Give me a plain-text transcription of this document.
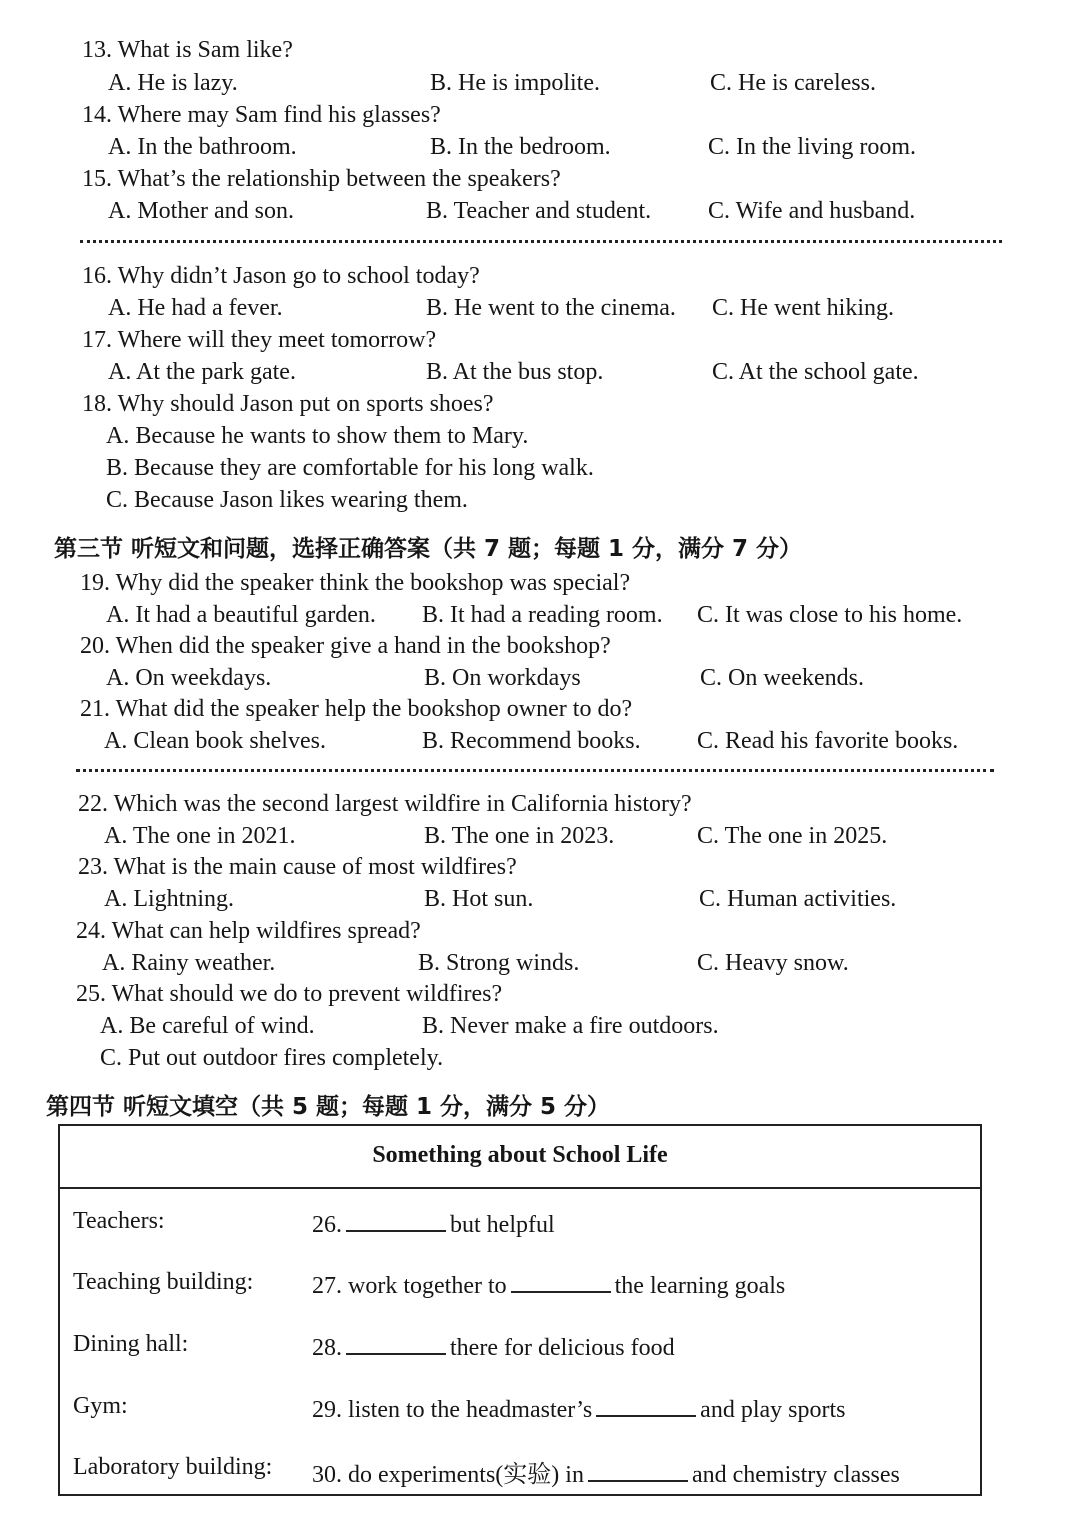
13. What is Sam like?
A. He is lazy.	B. He is impolite.	C. He is careless.
14. Where may Sam find his glasses?
A. In the bathroom.	B. In the bedroom.	C. In the living room.
15. What’s the relationship between the speakers?
A. Mother and son.	B. Teacher and student. C. Wife and husband.
16. Why didn’t Jason go to school today?
A. He had a fever.	B. He went to the cinema. C. He went hiking.
17. Where will they meet tomorrow?
A. At the park gate.	B. At the bus stop.	C. At the school gate.
18. Why should Jason put on sports shoes?
A. Because he wants to show them to Mary.
B. Because they are comfortable for his long walk.
C. Because Jason likes wearing them.
第三节 听短文和问题，选择正确答案（共 7 题；每题 1 分，满分 7 分）
19. Why did the speaker think the bookshop was special?
A. It had a beautiful garden. B. It had a reading room. C. It was close to his home.
20. When did the speaker give a hand in the bookshop?
A. On weekdays.	B. On workdays	C. On weekends.
21. What did the speaker help the bookshop owner to do?
A. Clean book shelves.	B. Recommend books. C. Read his favorite books.
22. Which was the second largest wildfire in California history?
A. The one in 2021.	B. The one in 2023.	C. The one in 2025.
23. What is the main cause of most wildfires?
A. Lightning.	B. Hot sun.	C. Human activities.
24. What can help wildfires spread?
A. Rainy weather.	B. Strong winds.	C. Heavy snow.
25. What should we do to prevent wildfires?
A. Be careful of wind.	B. Never make a fire outdoors.
C. Put out outdoor fires completely.
第四节 听短文填空（共 5 题；每题 1 分，满分 5 分）
Something about School Life
Teachers:	26.	but helpful
Teaching building: 27. work together to	the learning goals
Dining hall:	28.	there for delicious food
Gym:	29. listen to the headmaster’s	and play sports
Laboratory building: 30. do experiments(实验) in	and chemistry classes
